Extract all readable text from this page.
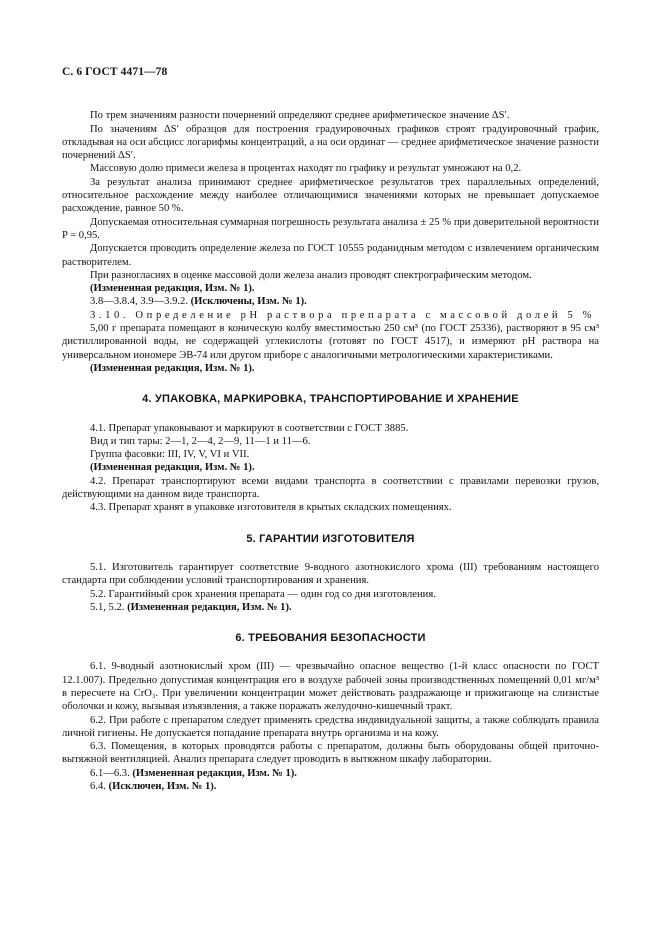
С. 6 ГОСТ 4471—78

По трем значениям разности почернений определяют среднее арифметическое значение ΔS′.

По значениям ΔS′ образцов для построения градуировочных графиков строят градуировочный график, откладывая на оси абсцисс логарифмы концентраций, а на оси ординат — среднее арифметическое значение разности почернений ΔS′.

Массовую долю примеси железа в процентах находят по графику и результат умножают на 0,2.

За результат анализа принимают среднее арифметическое результатов трех параллельных определений, относительное расхождение между наиболее отличающимися значениями которых не превышает допускаемое расхождение, равное 50 %.

Допускаемая относительная суммарная погрешность результата анализа ± 25 % при доверительной вероятности P = 0,95.

Допускается проводить определение железа по ГОСТ 10555 роданидным методом с извлечением органическим растворителем.

При разногласиях в оценке массовой доли железа анализ проводят спектрографическим методом.

(Измененная редакция, Изм. № 1).

3.8—3.8.4, 3.9—3.9.2. (Исключены, Изм. № 1).

3.10. Определение pH раствора препарата с массовой долей 5 %

5,00 г препарата помещают в коническую колбу вместимостью 250 см³ (по ГОСТ 25336), растворяют в 95 см³ дистиллированной воды, не содержащей углекислоты (готовят по ГОСТ 4517), и измеряют pH раствора на универсальном иономере ЭВ-74 или другом приборе с аналогичными метрологическими характеристиками.

(Измененная редакция, Изм. № 1).

4. УПАКОВКА, МАРКИРОВКА, ТРАНСПОРТИРОВАНИЕ И ХРАНЕНИЕ

4.1. Препарат упаковывают и маркируют в соответствии с ГОСТ 3885.

Вид и тип тары: 2—1, 2—4, 2—9, 11—1 и 11—6.

Группа фасовки: III, IV, V, VI и VII.

(Измененная редакция, Изм. № 1).

4.2. Препарат транспортируют всеми видами транспорта в соответствии с правилами перевозки грузов, действующими на данном виде транспорта.

4.3. Препарат хранят в упаковке изготовителя в крытых складских помещениях.

5. ГАРАНТИИ ИЗГОТОВИТЕЛЯ

5.1. Изготовитель гарантирует соответствие 9-водного азотнокислого хрома (III) требованиям настоящего стандарта при соблюдении условий транспортирования и хранения.

5.2. Гарантийный срок хранения препарата — один год со дня изготовления.

5.1, 5.2. (Измененная редакция, Изм. № 1).

6. ТРЕБОВАНИЯ БЕЗОПАСНОСТИ

6.1. 9-водный азотнокислый хром (III) — чрезвычайно опасное вещество (1-й класс опасности по ГОСТ 12.1.007). Предельно допустимая концентрация его в воздухе рабочей зоны производственных помещений 0,01 мг/м³ в пересчете на CrO₃. При увеличении концентрации может действовать раздражающе и прижигающе на слизистые оболочки и кожу, вызывая изъязвления, а также поражать желудочно-кишечный тракт.

6.2. При работе с препаратом следует применять средства индивидуальной защиты, а также соблюдать правила личной гигиены. Не допускается попадание препарата внутрь организма и на кожу.

6.3. Помещения, в которых проводятся работы с препаратом, должны быть оборудованы общей приточно-вытяжной вентиляцией. Анализ препарата следует проводить в вытяжном шкафу лаборатории.

6.1—6.3. (Измененная редакция, Изм. № 1).

6.4. (Исключен, Изм. № 1).
